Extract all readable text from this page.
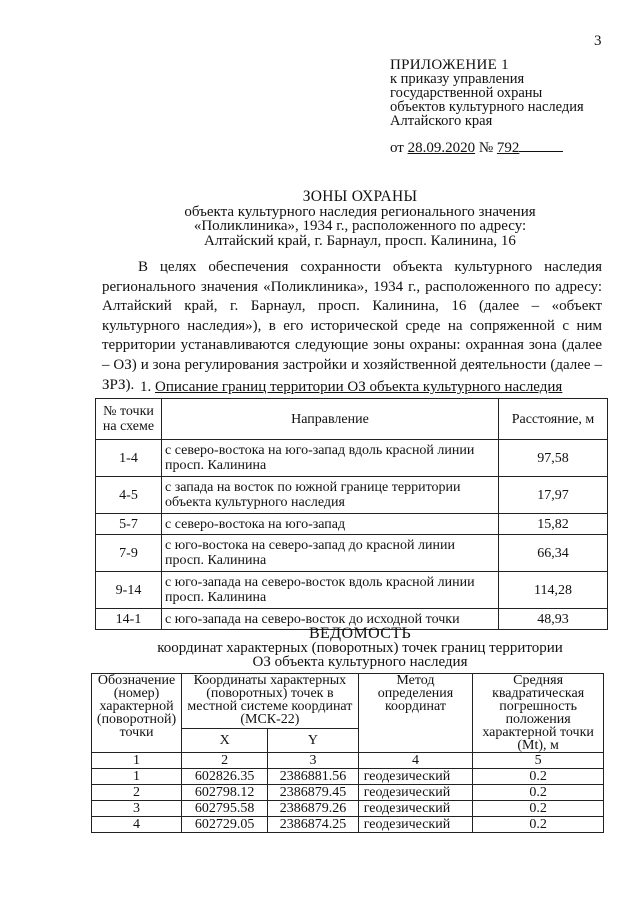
3
ПРИЛОЖЕНИЕ 1
к приказу управления
государственной охраны
объектов культурного наследия
Алтайского края
от 28.09.2020 № 792
ЗОНЫ ОХРАНЫ
объекта культурного наследия регионального значения
«Поликлиника», 1934 г., расположенного по адресу:
Алтайский край, г. Барнаул, просп. Калинина, 16

В целях обеспечения сохранности объекта культурного наследия регионального значения «Поликлиника», 1934 г., расположенного по адресу: Алтайский край, г. Барнаул, просп. Калинина, 16 (далее – «объект культурного наследия»), в его исторической среде на сопряженной с ним территории устанавливаются следующие зоны охраны: охранная зона (далее – ОЗ) и зона регулирования застройки и хозяйственной деятельности (далее – ЗРЗ). 1. Описание границ территории ОЗ объекта культурного наследия
№ точки на схеме	Направление	Расстояние, м
1-4	с северо-востока на юго-запад вдоль красной линии просп. Калинина	97,58
4-5	с запада на восток по южной границе территории объекта культурного наследия	17,97
5-7	с северо-востока на юго-запад	15,82
7-9	с юго-востока на северо-запад до красной линии просп. Калинина	66,34
9-14	с юго-запада на северо-восток вдоль красной линии просп. Калинина	114,28
14-1	с юго-запада на северо-восток до исходной точки	48,93
ВЕДОМОСТЬ
координат характерных (поворотных) точек границ территории
ОЗ объекта культурного наследия
Обозначение (номер) характерной (поворотной) точки	Координаты характерных (поворотных) точек в местной системе координат (МСК-22)		Метод определения координат	Средняя квадратическая погрешность положения характерной точки (Mt), м
	X	Y		
1	2	3	4	5
1	602826.35	2386881.56	геодезический	0.2
2	602798.12	2386879.45	геодезический	0.2
3	602795.58	2386879.26	геодезический	0.2
4	602729.05	2386874.25	геодезический	0.2
